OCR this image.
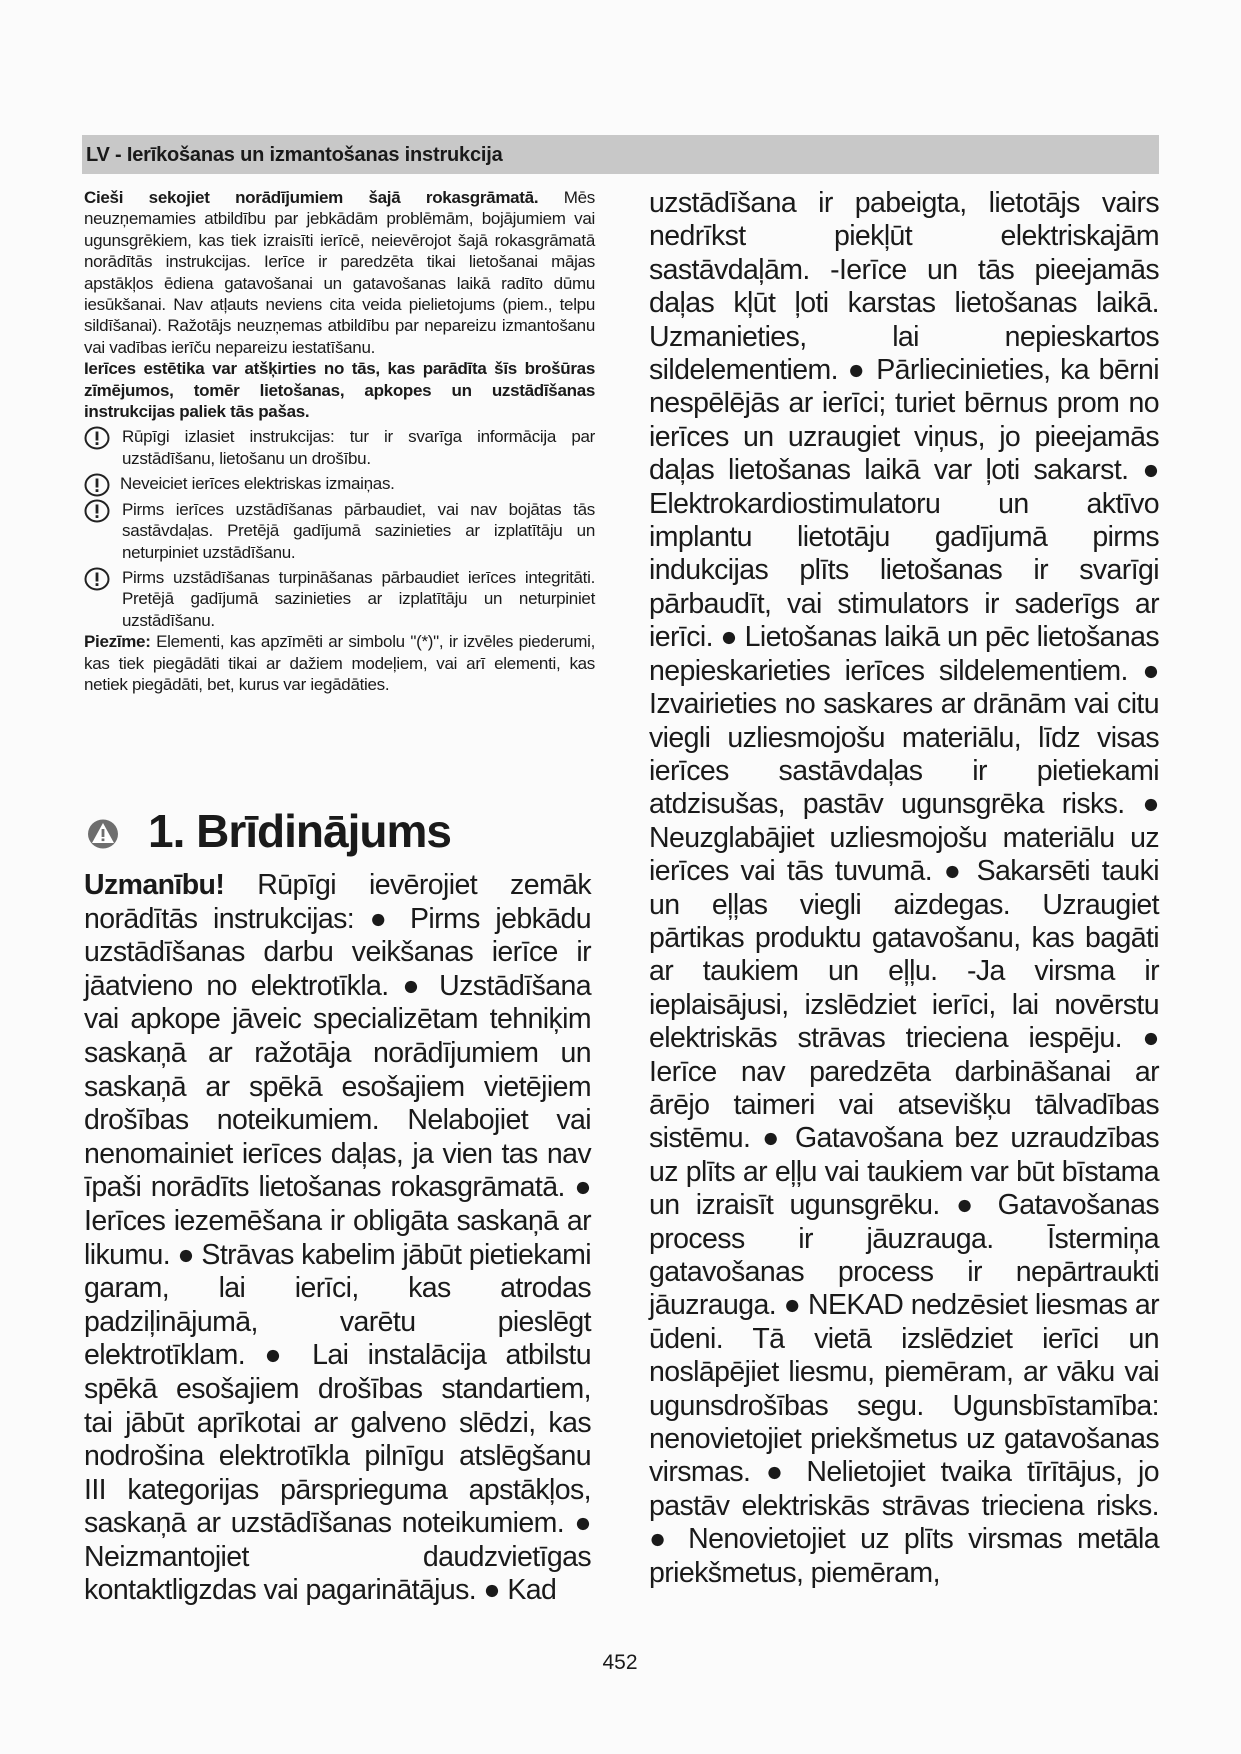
LV - Ierīkošanas un izmantošanas instrukcija

Cieši sekojiet norādījumiem šajā rokasgrāmatā. Mēs neuzņemamies atbildību par jebkādām problēmām, bojājumiem vai ugunsgrēkiem, kas tiek izraisīti ierīcē, neievērojot šajā rokasgrāmatā norādītās instrukcijas. Ierīce ir paredzēta tikai lietošanai mājas apstākļos ēdiena gatavošanai un gatavošanas laikā radīto dūmu iesūkšanai. Nav atļauts neviens cita veida pielietojums (piem., telpu sildīšanai). Ražotājs neuzņemas atbildību par nepareizu izmantošanu vai vadības ierīču nepareizu iestatīšanu.

Ierīces estētika var atšķirties no tās, kas parādīta šīs brošūras zīmējumos, tomēr lietošanas, apkopes un uzstādīšanas instrukcijas paliek tās pašas.

Rūpīgi izlasiet instrukcijas: tur ir svarīga informācija par uzstādīšanu, lietošanu un drošību.
Neveiciet ierīces elektriskas izmaiņas.
Pirms ierīces uzstādīšanas pārbaudiet, vai nav bojātas tās sastāvdaļas. Pretējā gadījumā sazinieties ar izplatītāju un neturpiniet uzstādīšanu.
Pirms uzstādīšanas turpināšanas pārbaudiet ierīces integritāti. Pretējā gadījumā sazinieties ar izplatītāju un neturpiniet uzstādīšanu.

Piezīme: Elementi, kas apzīmēti ar simbolu "(*)", ir izvēles piederumi, kas tiek piegādāti tikai ar dažiem modeļiem, vai arī elementi, kas netiek piegādāti, bet, kurus var iegādāties.

1. Brīdinājums
Uzmanību! Rūpīgi ievērojiet zemāk norādītās instrukcijas: ● Pirms jebkādu uzstādīšanas darbu veikšanas ierīce ir jāatvieno no elektrotīkla. ● Uzstādīšana vai apkope jāveic specializētam tehniķim saskaņā ar ražotāja norādījumiem un saskaņā ar spēkā esošajiem vietējiem drošības noteikumiem. Nelabojiet vai nenomainiet ierīces daļas, ja vien tas nav īpaši norādīts lietošanas rokasgrāmatā. ● Ierīces iezemēšana ir obligāta saskaņā ar likumu. ● Strāvas kabelim jābūt pietiekami garam, lai ierīci, kas atrodas padziļinājumā, varētu pieslēgt elektrotīklam. ● Lai instalācija atbilstu spēkā esošajiem drošības standartiem, tai jābūt aprīkotai ar galveno slēdzi, kas nodrošina elektrotīkla pilnīgu atslēgšanu III kategorijas pārsprieguma apstākļos, saskaņā ar uzstādīšanas noteikumiem. ● Neizmantojiet daudzvietīgas kontaktligzdas vai pagarinātājus. ● Kad
uzstādīšana ir pabeigta, lietotājs vairs nedrīkst piekļūt elektriskajām sastāvdaļām. -Ierīce un tās pieejamās daļas kļūt ļoti karstas lietošanas laikā. Uzmanieties, lai nepieskartos sildelementiem. ● Pārliecinieties, ka bērni nespēlējās ar ierīci; turiet bērnus prom no ierīces un uzraugiet viņus, jo pieejamās daļas lietošanas laikā var ļoti sakarst. ● Elektrokardiostimulatoru un aktīvo implantu lietotāju gadījumā pirms indukcijas plīts lietošanas ir svarīgi pārbaudīt, vai stimulators ir saderīgs ar ierīci. ● Lietošanas laikā un pēc lietošanas nepieskarieties ierīces sildelementiem. ● Izvairieties no saskares ar drānām vai citu viegli uzliesmojošu materiālu, līdz visas ierīces sastāvdaļas ir pietiekami atdzisušas, pastāv ugunsgrēka risks. ● Neuzglabājiet uzliesmojošu materiālu uz ierīces vai tās tuvumā. ● Sakarsēti tauki un eļļas viegli aizdegas. Uzraugiet pārtikas produktu gatavošanu, kas bagāti ar taukiem un eļļu. -Ja virsma ir ieplaisājusi, izslēdziet ierīci, lai novērstu elektriskās strāvas trieciena iespēju. ● Ierīce nav paredzēta darbināšanai ar ārējo taimeri vai atsevišķu tālvadības sistēmu. ● Gatavošana bez uzraudzības uz plīts ar eļļu vai taukiem var būt bīstama un izraisīt ugunsgrēku. ● Gatavošanas process ir jāuzrauga. Īstermiņa gatavošanas process ir nepārtraukti jāuzrauga. ● NEKAD nedzēsiet liesmas ar ūdeni. Tā vietā izslēdziet ierīci un noslāpējiet liesmu, piemēram, ar vāku vai ugunsdrošības segu. Ugunsbīstamība: nenovietojiet priekšmetus uz gatavošanas virsmas. ● Nelietojiet tvaika tīrītājus, jo pastāv elektriskās strāvas trieciena risks. ● Nenovietojiet uz plīts virsmas metāla priekšmetus, piemēram,
452
